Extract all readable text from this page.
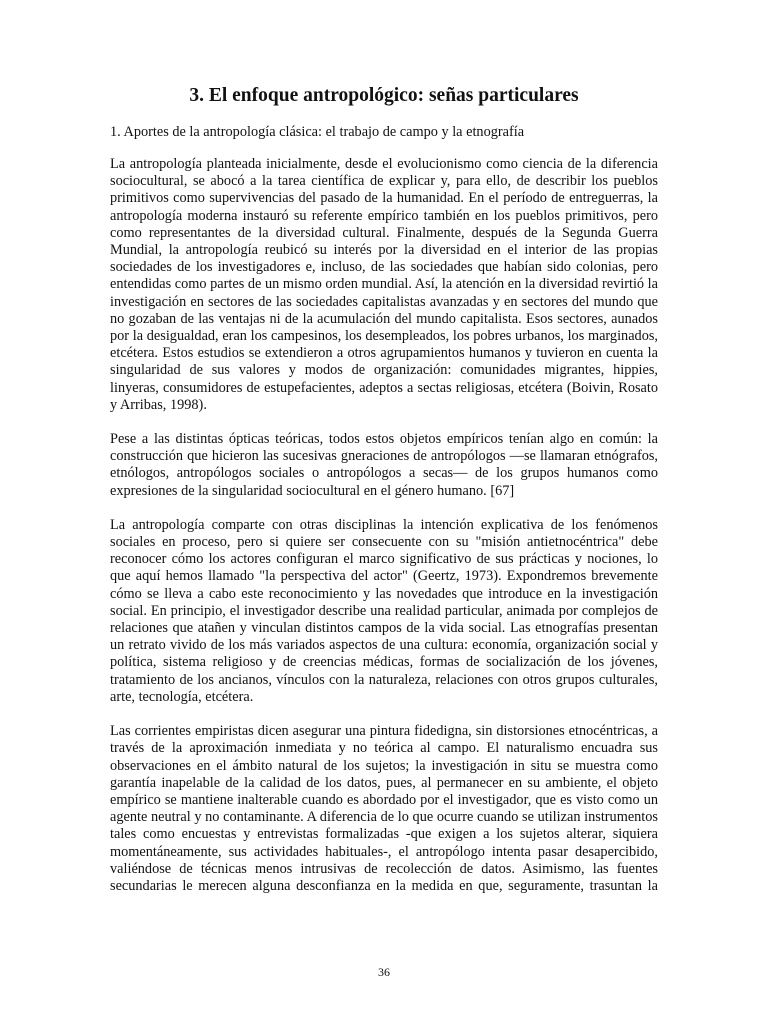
3. El enfoque antropológico: señas particulares

1. Aportes de la antropología clásica: el trabajo de campo y la etnografía

La antropología planteada inicialmente, desde el evolucionismo como ciencia de la diferencia sociocultural, se abocó a la tarea científica de explicar y, para ello, de describir los pueblos primitivos como supervivencias del pasado de la humanidad. En el período de entreguerras, la antropología moderna instauró su referente empírico también en los pueblos primitivos, pero como representantes de la diversidad cultural. Finalmente, después de la Segunda Guerra Mundial, la antropología reubicó su interés por la diversidad en el interior de las propias sociedades de los investigadores e, incluso, de las sociedades que habían sido colonias, pero entendidas como partes de un mismo orden mundial. Así, la atención en la diversidad revirtió la investigación en sectores de las sociedades capitalistas avanzadas y en sectores del mundo que no gozaban de las ventajas ni de la acumulación del mundo capitalista. Esos sectores, aunados por la desigualdad, eran los campesinos, los desempleados, los pobres urbanos, los marginados, etcétera. Estos estudios se extendieron a otros agrupamientos humanos y tuvieron en cuenta la singularidad de sus valores y modos de organización: comunidades migrantes, hippies, linyeras, consumidores de estupefacientes, adeptos a sectas religiosas, etcétera (Boivin, Rosato y Arribas, 1998).

Pese a las distintas ópticas teóricas, todos estos objetos empíricos tenían algo en común: la construcción que hicieron las sucesivas gneraciones de antropólogos —se llamaran etnógrafos, etnólogos, antropólogos sociales o antropólogos a secas— de los grupos humanos como expresiones de la singularidad sociocultural en el género humano. [67]

La antropología comparte con otras disciplinas la intención explicativa de los fenómenos sociales en proceso, pero si quiere ser consecuente con su "misión antietnocéntrica" debe reconocer cómo los actores configuran el marco significativo de sus prácticas y nociones, lo que aquí hemos llamado "la perspectiva del actor" (Geertz, 1973). Expondremos brevemente cómo se lleva a cabo este reconocimiento y las novedades que introduce en la investigación social. En principio, el investigador describe una realidad particular, animada por complejos de relaciones que atañen y vinculan distintos campos de la vida social. Las etnografías presentan un retrato vivido de los más variados aspectos de una cultura: economía, organización social y política, sistema religioso y de creencias médicas, formas de socialización de los jóvenes, tratamiento de los ancianos, vínculos con la naturaleza, relaciones con otros grupos culturales, arte, tecnología, etcétera.

Las corrientes empiristas dicen asegurar una pintura fidedigna, sin distorsiones etnocéntricas, a través de la aproximación inmediata y no teórica al campo. El naturalismo encuadra sus observaciones en el ámbito natural de los sujetos; la investigación in situ se muestra como garantía inapelable de la calidad de los datos, pues, al permanecer en su ambiente, el objeto empírico se mantiene inalterable cuando es abordado por el investigador, que es visto como un agente neutral y no contaminante. A diferencia de lo que ocurre cuando se utilizan instrumentos tales como encuestas y entrevistas formalizadas -que exigen a los sujetos alterar, siquiera momentáneamente, sus actividades habituales-, el antropólogo intenta pasar desapercibido, valiéndose de técnicas menos intrusivas de recolección de datos. Asimismo, las fuentes secundarias le merecen alguna desconfianza en la medida en que, seguramente, trasuntan la

36
